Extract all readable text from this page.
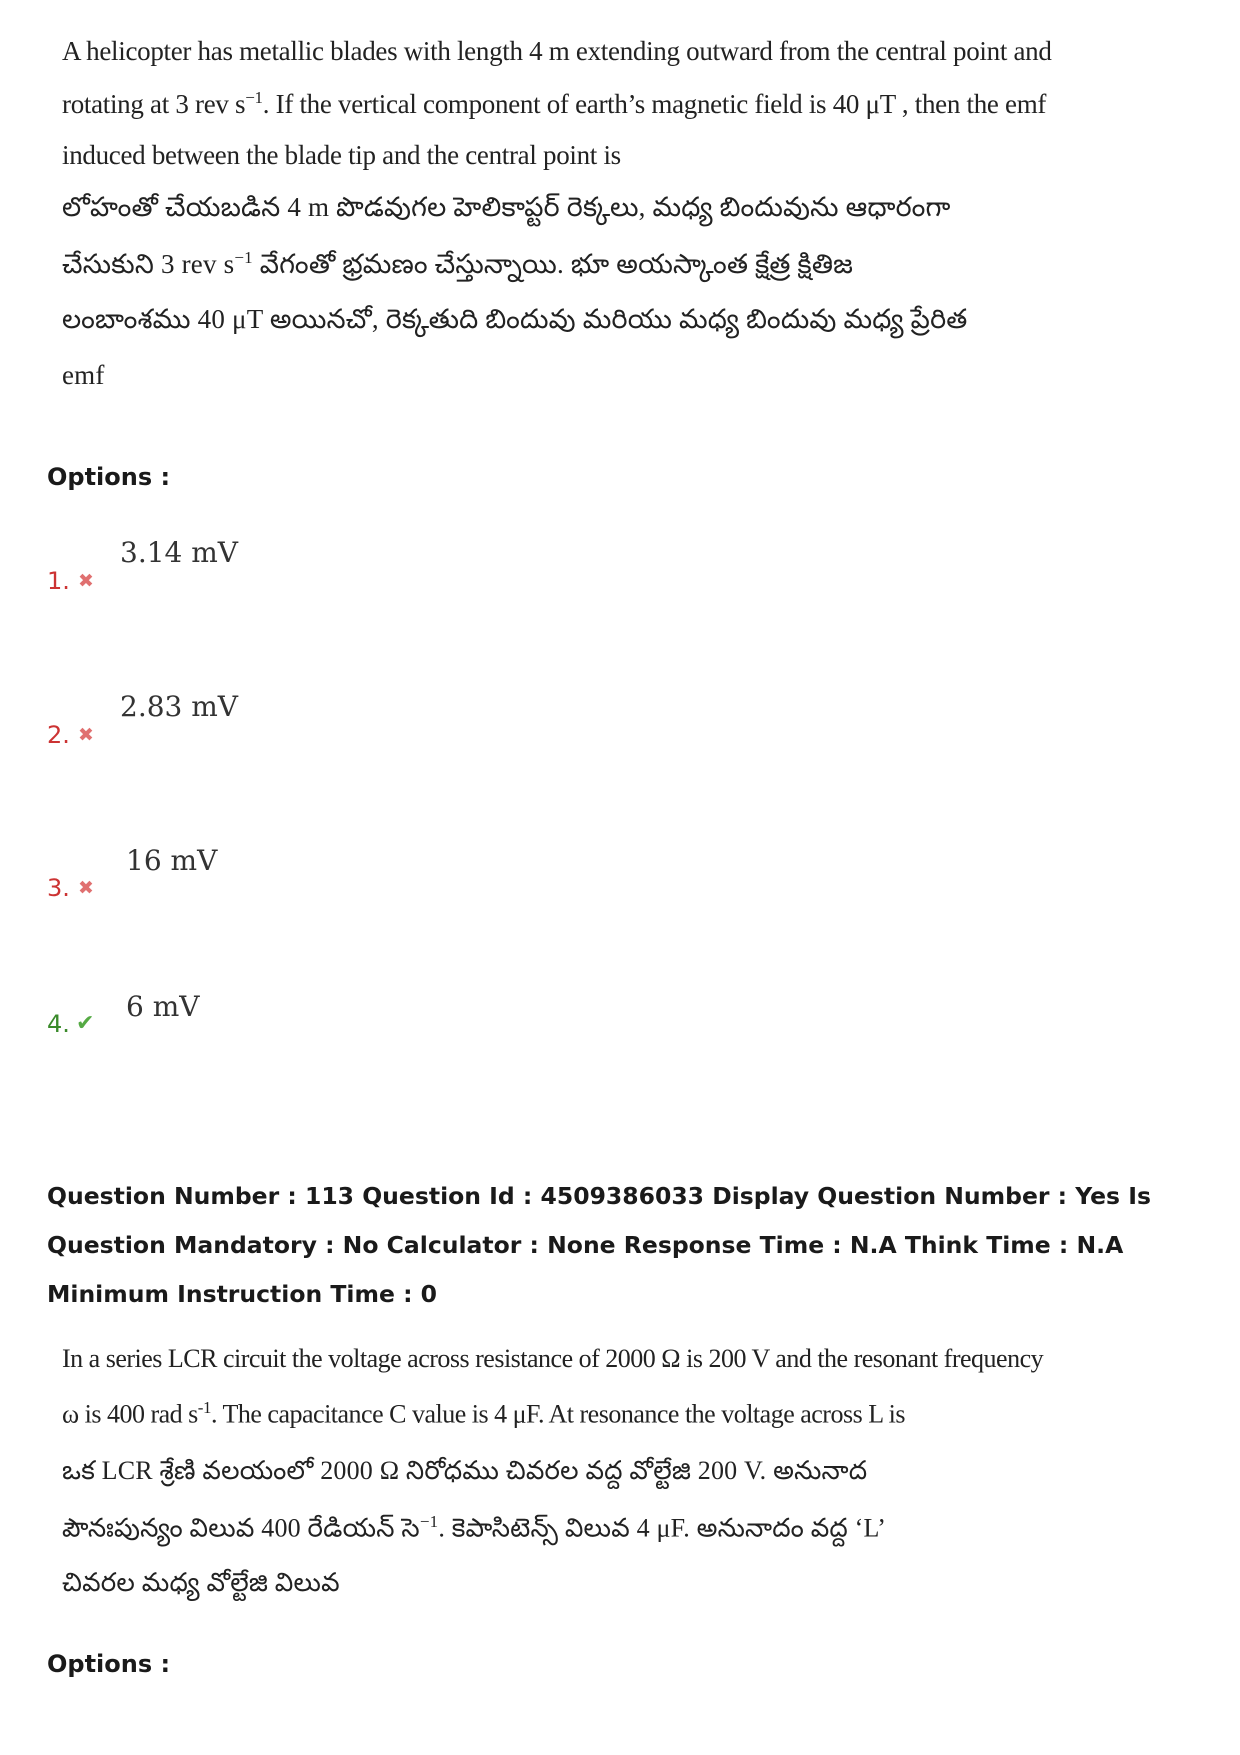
A helicopter has metallic blades with length 4 m extending outward from the central point and
rotating at 3 rev $s^{-1}$. If the vertical component of earth’s magnetic field is 40 μT , then the emf
induced between the blade tip and the central point is
లోహంతో చేయబడిన 4 m పొడవుగల హెలికాప్టర్ రెక్కలు, మధ్య బిందువును ఆధారంగా
చేసుకుని 3 rev $s^{-1}$ వేగంతో భ్రమణం చేస్తున్నాయి. భూ అయస్కాంత క్షేత్ర క్షితిజ
లంబాంశము 40 μT అయినచో, రెక్కతుది బిందువు మరియు మధ్య బిందువు మధ్య ప్రేరిత
emf
Options :
1. ✖
3.14 mV
2. ✖
2.83 mV
3. ✖
16 mV
4. ✔
6 mV
Question Number : 113 Question Id : 4509386033 Display Question Number : Yes Is Question Mandatory : No Calculator : None Response Time : N.A Think Time : N.A Minimum Instruction Time : 0
In a series LCR circuit the voltage across resistance of 2000 Ω is 200 V and the resonant frequency
ω is 400 rad $s^{-1}$. The capacitance C value is 4 μF. At resonance the voltage across L is
ఒక LCR శ్రేణి వలయంలో 2000 Ω నిరోధము చివరల వద్ద వోల్టేజి 200 V. అనునాద
పౌనఃపున్యం విలువ 400 రేడియన్ సె$^{-1}$. కెపాసిటెన్స్ విలువ 4 μF. అనునాదం వద్ద ‘L’
చివరల మధ్య వోల్టేజి విలువ
Options :
